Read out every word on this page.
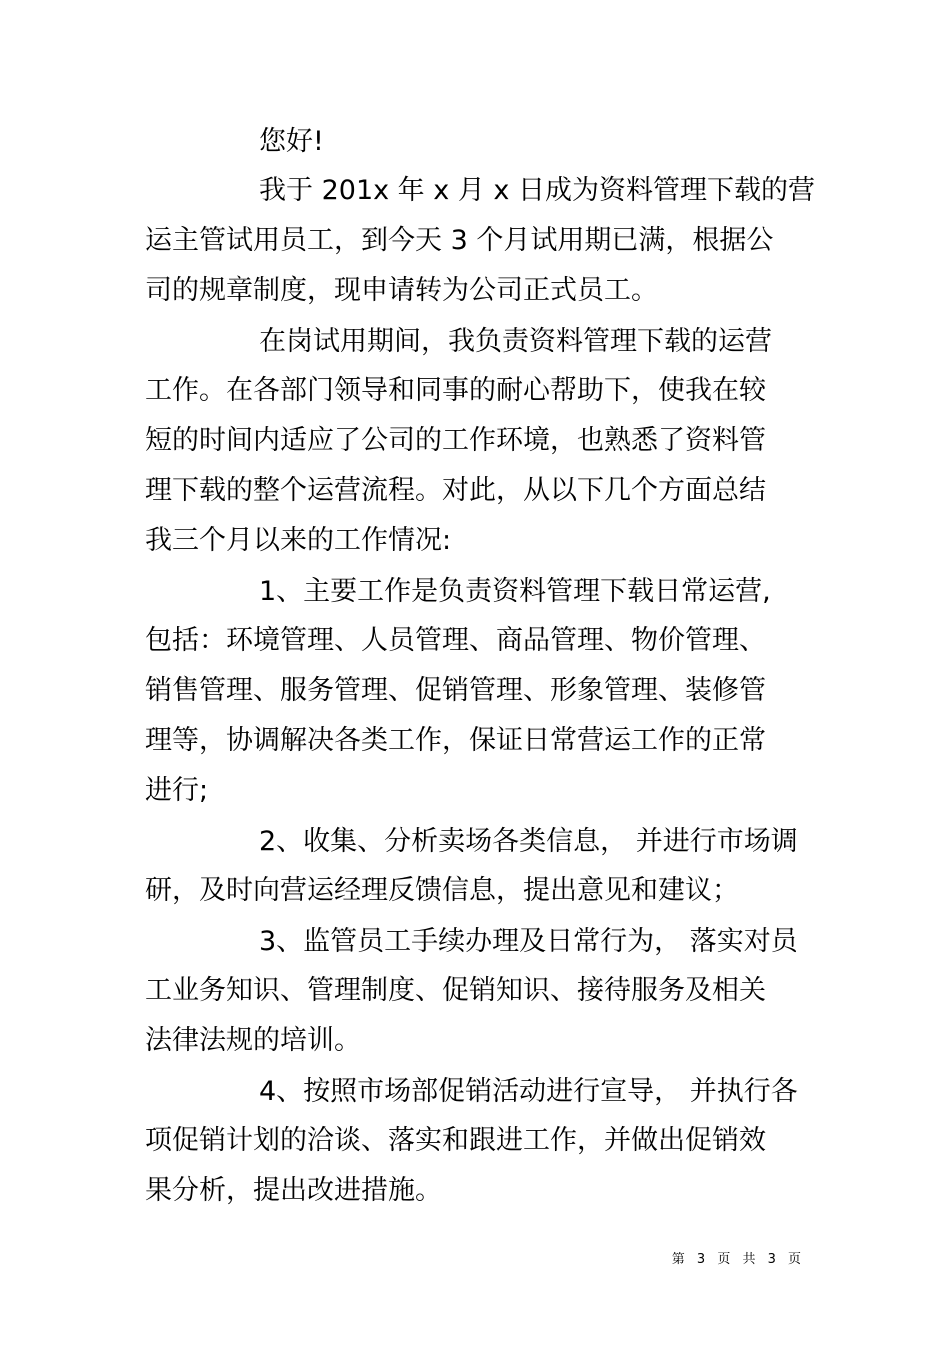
您好!
我于 201x 年 x 月 x 日成为资料管理下载的营
运主管试用员工，到今天 3 个月试用期已满，根据公
司的规章制度，现申请转为公司正式员工。
在岗试用期间，我负责资料管理下载的运营
工作。在各部门领导和同事的耐心帮助下，使我在较
短的时间内适应了公司的工作环境，也熟悉了资料管
理下载的整个运营流程。对此，从以下几个方面总结
我三个月以来的工作情况:
1、主要工作是负责资料管理下载日常运营,
包括：环境管理、人员管理、商品管理、物价管理、
销售管理、服务管理、促销管理、形象管理、装修管
理等，协调解决各类工作，保证日常营运工作的正常
进行;
2、收集、分析卖场各类信息， 并进行市场调
研，及时向营运经理反馈信息，提出意见和建议；
3、监管员工手续办理及日常行为， 落实对员
工业务知识、管理制度、促销知识、接待服务及相关
法律法规的培训。
4、按照市场部促销活动进行宣导， 并执行各
项促销计划的洽谈、落实和跟进工作，并做出促销效
果分析，提出改进措施。
第 3 页 共 3 页
